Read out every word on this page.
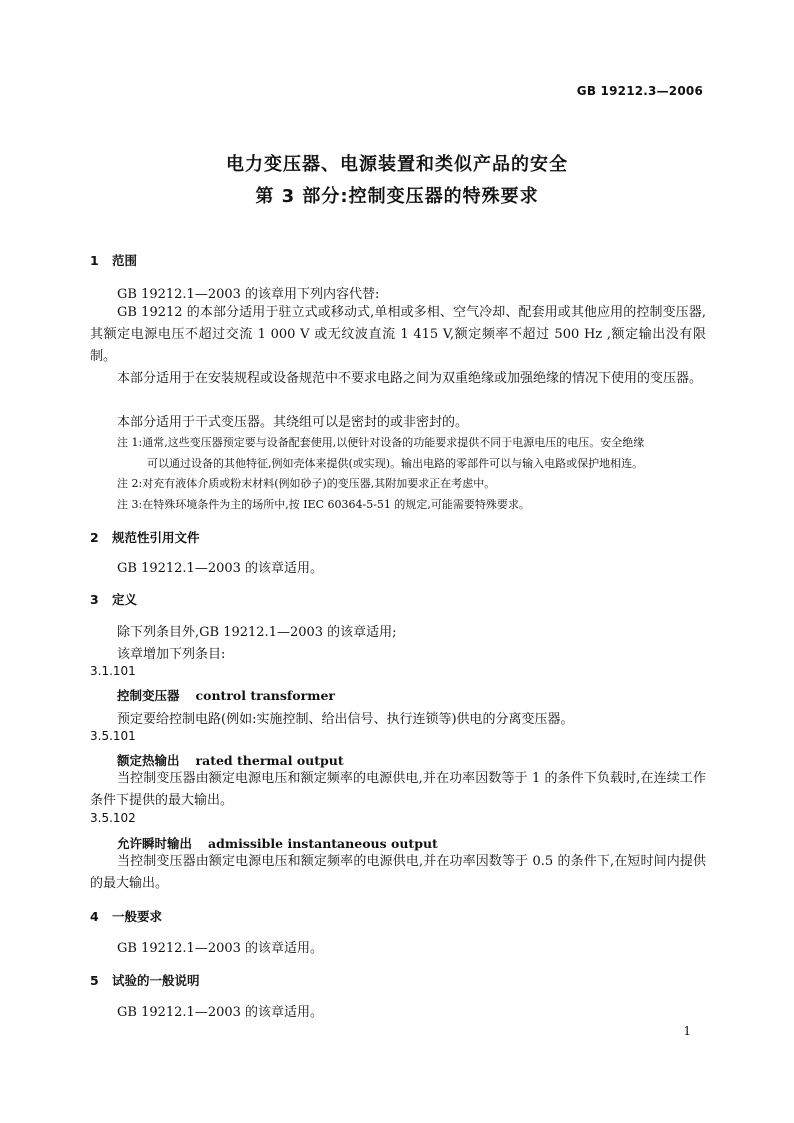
GB 19212.3—2006
电力变压器、电源装置和类似产品的安全
第 3 部分:控制变压器的特殊要求
1 范围
GB 19212.1—2003 的该章用下列内容代替:
GB 19212 的本部分适用于驻立式或移动式,单相或多相、空气冷却、配套用或其他应用的控制变压器,其额定电源电压不超过交流 1 000 V 或无纹波直流 1 415 V,额定频率不超过 500 Hz ,额定输出没有限制。
本部分适用于在安装规程或设备规范中不要求电路之间为双重绝缘或加强绝缘的情况下使用的变压器。
本部分适用于干式变压器。其绕组可以是密封的或非密封的。
注 1:通常,这些变压器预定要与设备配套使用,以便针对设备的功能要求提供不同于电源电压的电压。安全绝缘
可以通过设备的其他特征,例如壳体来提供(或实现)。输出电路的零部件可以与输入电路或保护地相连。
注 2:对充有液体介质或粉末材料(例如砂子)的变压器,其附加要求正在考虑中。
注 3:在特殊环境条件为主的场所中,按 IEC 60364-5-51 的规定,可能需要特殊要求。
2 规范性引用文件
GB 19212.1—2003 的该章适用。
3 定义
除下列条目外,GB 19212.1—2003 的该章适用;
该章增加下列条目:
3.1.101
控制变压器 control transformer
预定要给控制电路(例如:实施控制、给出信号、执行连锁等)供电的分离变压器。
3.5.101
额定热输出 rated thermal output
当控制变压器由额定电源电压和额定频率的电源供电,并在功率因数等于 1 的条件下负载时,在连续工作条件下提供的最大输出。
3.5.102
允许瞬时输出 admissible instantaneous output
当控制变压器由额定电源电压和额定频率的电源供电,并在功率因数等于 0.5 的条件下,在短时间内提供的最大输出。
4 一般要求
GB 19212.1—2003 的该章适用。
5 试验的一般说明
GB 19212.1—2003 的该章适用。
1
